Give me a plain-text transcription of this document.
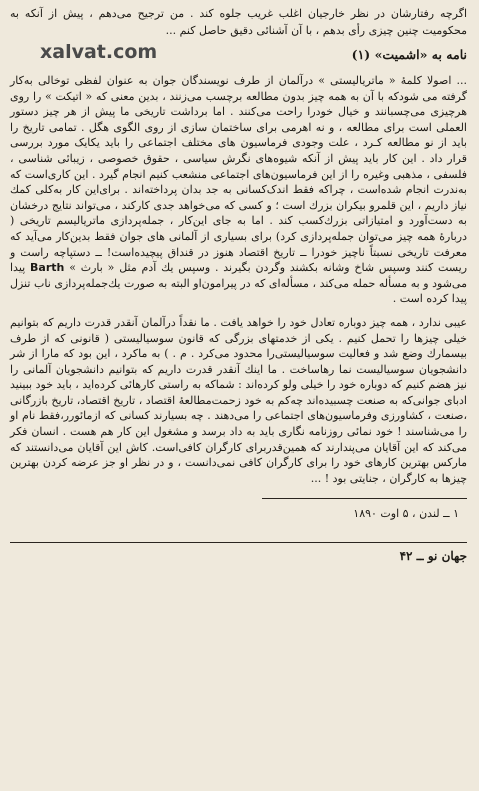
اگرچه رفتارشان در نظر خارجیان اغلب غریب جلوه کند . من ترجیح می‌دهم ، پیش از آنکه به محکومیت چنین چیزی رأی بدهم ، با آن آشنائی دقیق حاصل کنم ...
نامه به «اشمیت» (۱)
xalvat.com

... اصولا کلمهٔ « ماتریالیستی » درآلمان از طرف نویسندگان جوان به عنوان لفظی توخالی به‌کار گرفته می شودکه با آن به همه چیز بدون مطالعه برچسب می‌زنند ، بدین معنی که « اتیکت » را روی هرچیزی می‌چسبانند و خیال خودرا راحت می‌کنند . اما برداشت تاریخی ما پیش از هر چیز دستور العملی است برای مطالعه ، و نه اهرمی برای ساختمان سازی از روی الگوی هگل . تمامی تاریخ را باید از نو مطالعه کـرد ، علت وجودی فرماسیون های مختلف اجتماعی را باید یکایک مورد بررسی قرار داد . این کار باید پیش از آنکه شیوه‌های نگرش سیاسی ، حقوق خصوصی ، زیبائی شناسی ، فلسفی ، مذهبی وغیره را از این فرماسیون‌های اجتماعی منشعب کنیم انجام گیرد . این کاری‌است که به‌ندرت انجام شده‌است ، چراکه فقط اندک‌کسانی به جد بدان پرداخته‌اند . برای‌این کار به‌کلی کمك نیاز داریم ، این قلمرو بیکران بزرك است ؛ و کسی که می‌خواهد جدی کارکند ، می‌تواند نتایج درخشان به دست‌آورد و امتیازاتی بزرك‌کسب کند . اما به جای این‌کار ، جمله‌پردازی ماتریالیسم تاریخی ( دربارهٔ همه چیز می‌توان جمله‌پردازی کرد) برای بسیاری از آلمانی های جوان فقط بدین‌کار می‌آید که معرفت تاریخی نسبتاً ناچیز خودرا ــ تاریخ اقتصاد هنوز در قنداق پیچیده‌است! ــ دستپاچه راست و ریست کنند وسپس شاخ وشانه بکشند وگردن بگیرند . وسپس یك آدم مثل « بارث » Barth پیدا می‌شود و به مسأله حمله می‌کند ، مسأله‌ای که در پیرامون‌او البته به صورت یك‌جمله‌پردازی ناب تنزل پیدا کرده است .

عیبی ندارد ، همه چیز دوباره تعادل خود را خواهد یافت . ما نقداً درآلمان آنقدر قدرت داریم که بتوانیم خیلی چیزها را تحمل کنیم . یکی از خدمتهای بزرگی که قانون سوسیالیستی ( قانونی که از طرف بیسمارك وضع شد و فعالیت سوسیالیستی‌را محدود می‌کرد . م . ) به ماکرد ، این بود که مارا از شر دانشجویان سوسیالیست نما رهاساخت . ما اینك آنقدر قدرت داریم که بتوانیم دانشجویان آلمانی را نیز هضم کنیم که دوباره خود را خیلی ولو کرده‌اند : شماکه به راستی کارهائی کرده‌اید ، باید خود ببینید ادبای جوانی‌که به صنعت چسبیده‌اند چه‌کم به خود زحمت‌مطالعهٔ اقتصاد ، تاریخ اقتصاد، تاریخ بازرگانی ،صنعت ، کشاورزی وفرماسیون‌های اجتماعی را می‌دهند . چه بسیارند کسانی که ازمائورر،فقط نام او را می‌شناسند ! خود نمائی روزنامه نگاری باید به داد برسد و مشغول این کار هم هست . انسان فکر می‌کند که این آقایان می‌پندارند که همین‌قدربرای کارگران کافی‌است. کاش این آقایان می‌دانستند که مارکس بهترین کارهای خود را برای کارگران کافی نمی‌دانست ، و در نظر او جز عرضه کردن بهترین چیزها به کارگران ، جنایتی بود ! ...

۱ ــ لندن ، ۵ اوت ۱۸۹۰
جهان نو ــ ۴۲
